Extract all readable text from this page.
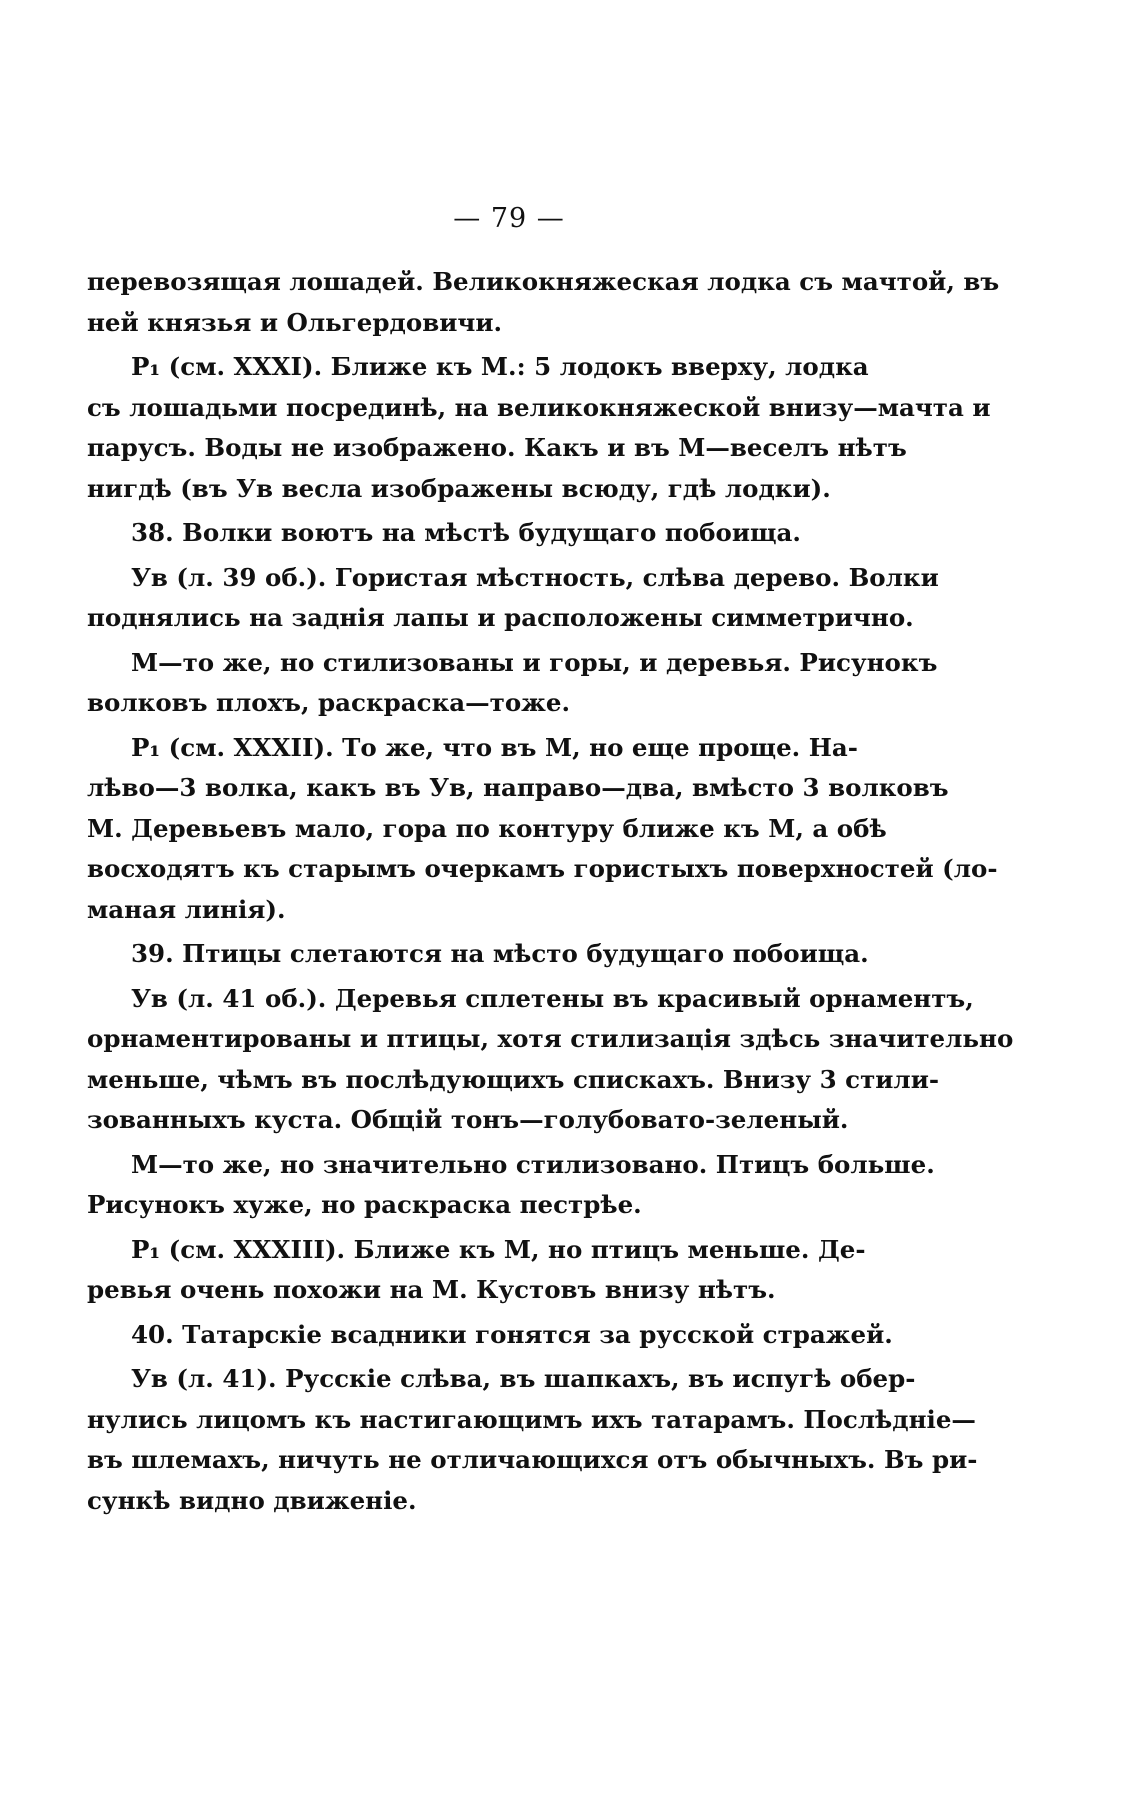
— 79 —
перевозящая лошадей. Великокняжеская лодка съ мачтой, въ
ней князья и Ольгердовичи.
P₁ (см. XXXI). Ближе къ М.: 5 лодокъ вверху, лодка
съ лошадьми посрединѣ, на великокняжеской внизу—мачта и
парусъ. Воды не изображено. Какъ и въ М—веселъ нѣтъ
нигдѣ (въ Ув весла изображены всюду, гдѣ лодки).
38. Волки воютъ на мѣстѣ будущаго побоища.
Ув (л. 39 об.). Гористая мѣстность, слѣва дерево. Волки
поднялись на заднія лапы и расположены симметрично.
М—то же, но стилизованы и горы, и деревья. Рисунокъ
волковъ плохъ, раскраска—тоже.
P₁ (см. XXXII). То же, что въ М, но еще проще. На-
лѣво—3 волка, какъ въ Ув, направо—два, вмѣсто 3 волковъ
М. Деревьевъ мало, гора по контуру ближе къ М, а обѣ
восходятъ къ старымъ очеркамъ гористыхъ поверхностей (ло-
маная линія).
39. Птицы слетаются на мѣсто будущаго побоища.
Ув (л. 41 об.). Деревья сплетены въ красивый орнаментъ,
орнаментированы и птицы, хотя стилизація здѣсь значительно
меньше, чѣмъ въ послѣдующихъ спискахъ. Внизу 3 стили-
зованныхъ куста. Общій тонъ—голубовато-зеленый.
М—то же, но значительно стилизовано. Птицъ больше.
Рисунокъ хуже, но раскраска пестрѣе.
P₁ (см. XXXIII). Ближе къ М, но птицъ меньше. Де-
ревья очень похожи на М. Кустовъ внизу нѣтъ.
40. Татарскіе всадники гонятся за русской стражей.
Ув (л. 41). Русскіе слѣва, въ шапкахъ, въ испугѣ обер-
нулись лицомъ къ настигающимъ ихъ татарамъ. Послѣдніе—
въ шлемахъ, ничуть не отличающихся отъ обычныхъ. Въ ри-
сункѣ видно движеніе.
